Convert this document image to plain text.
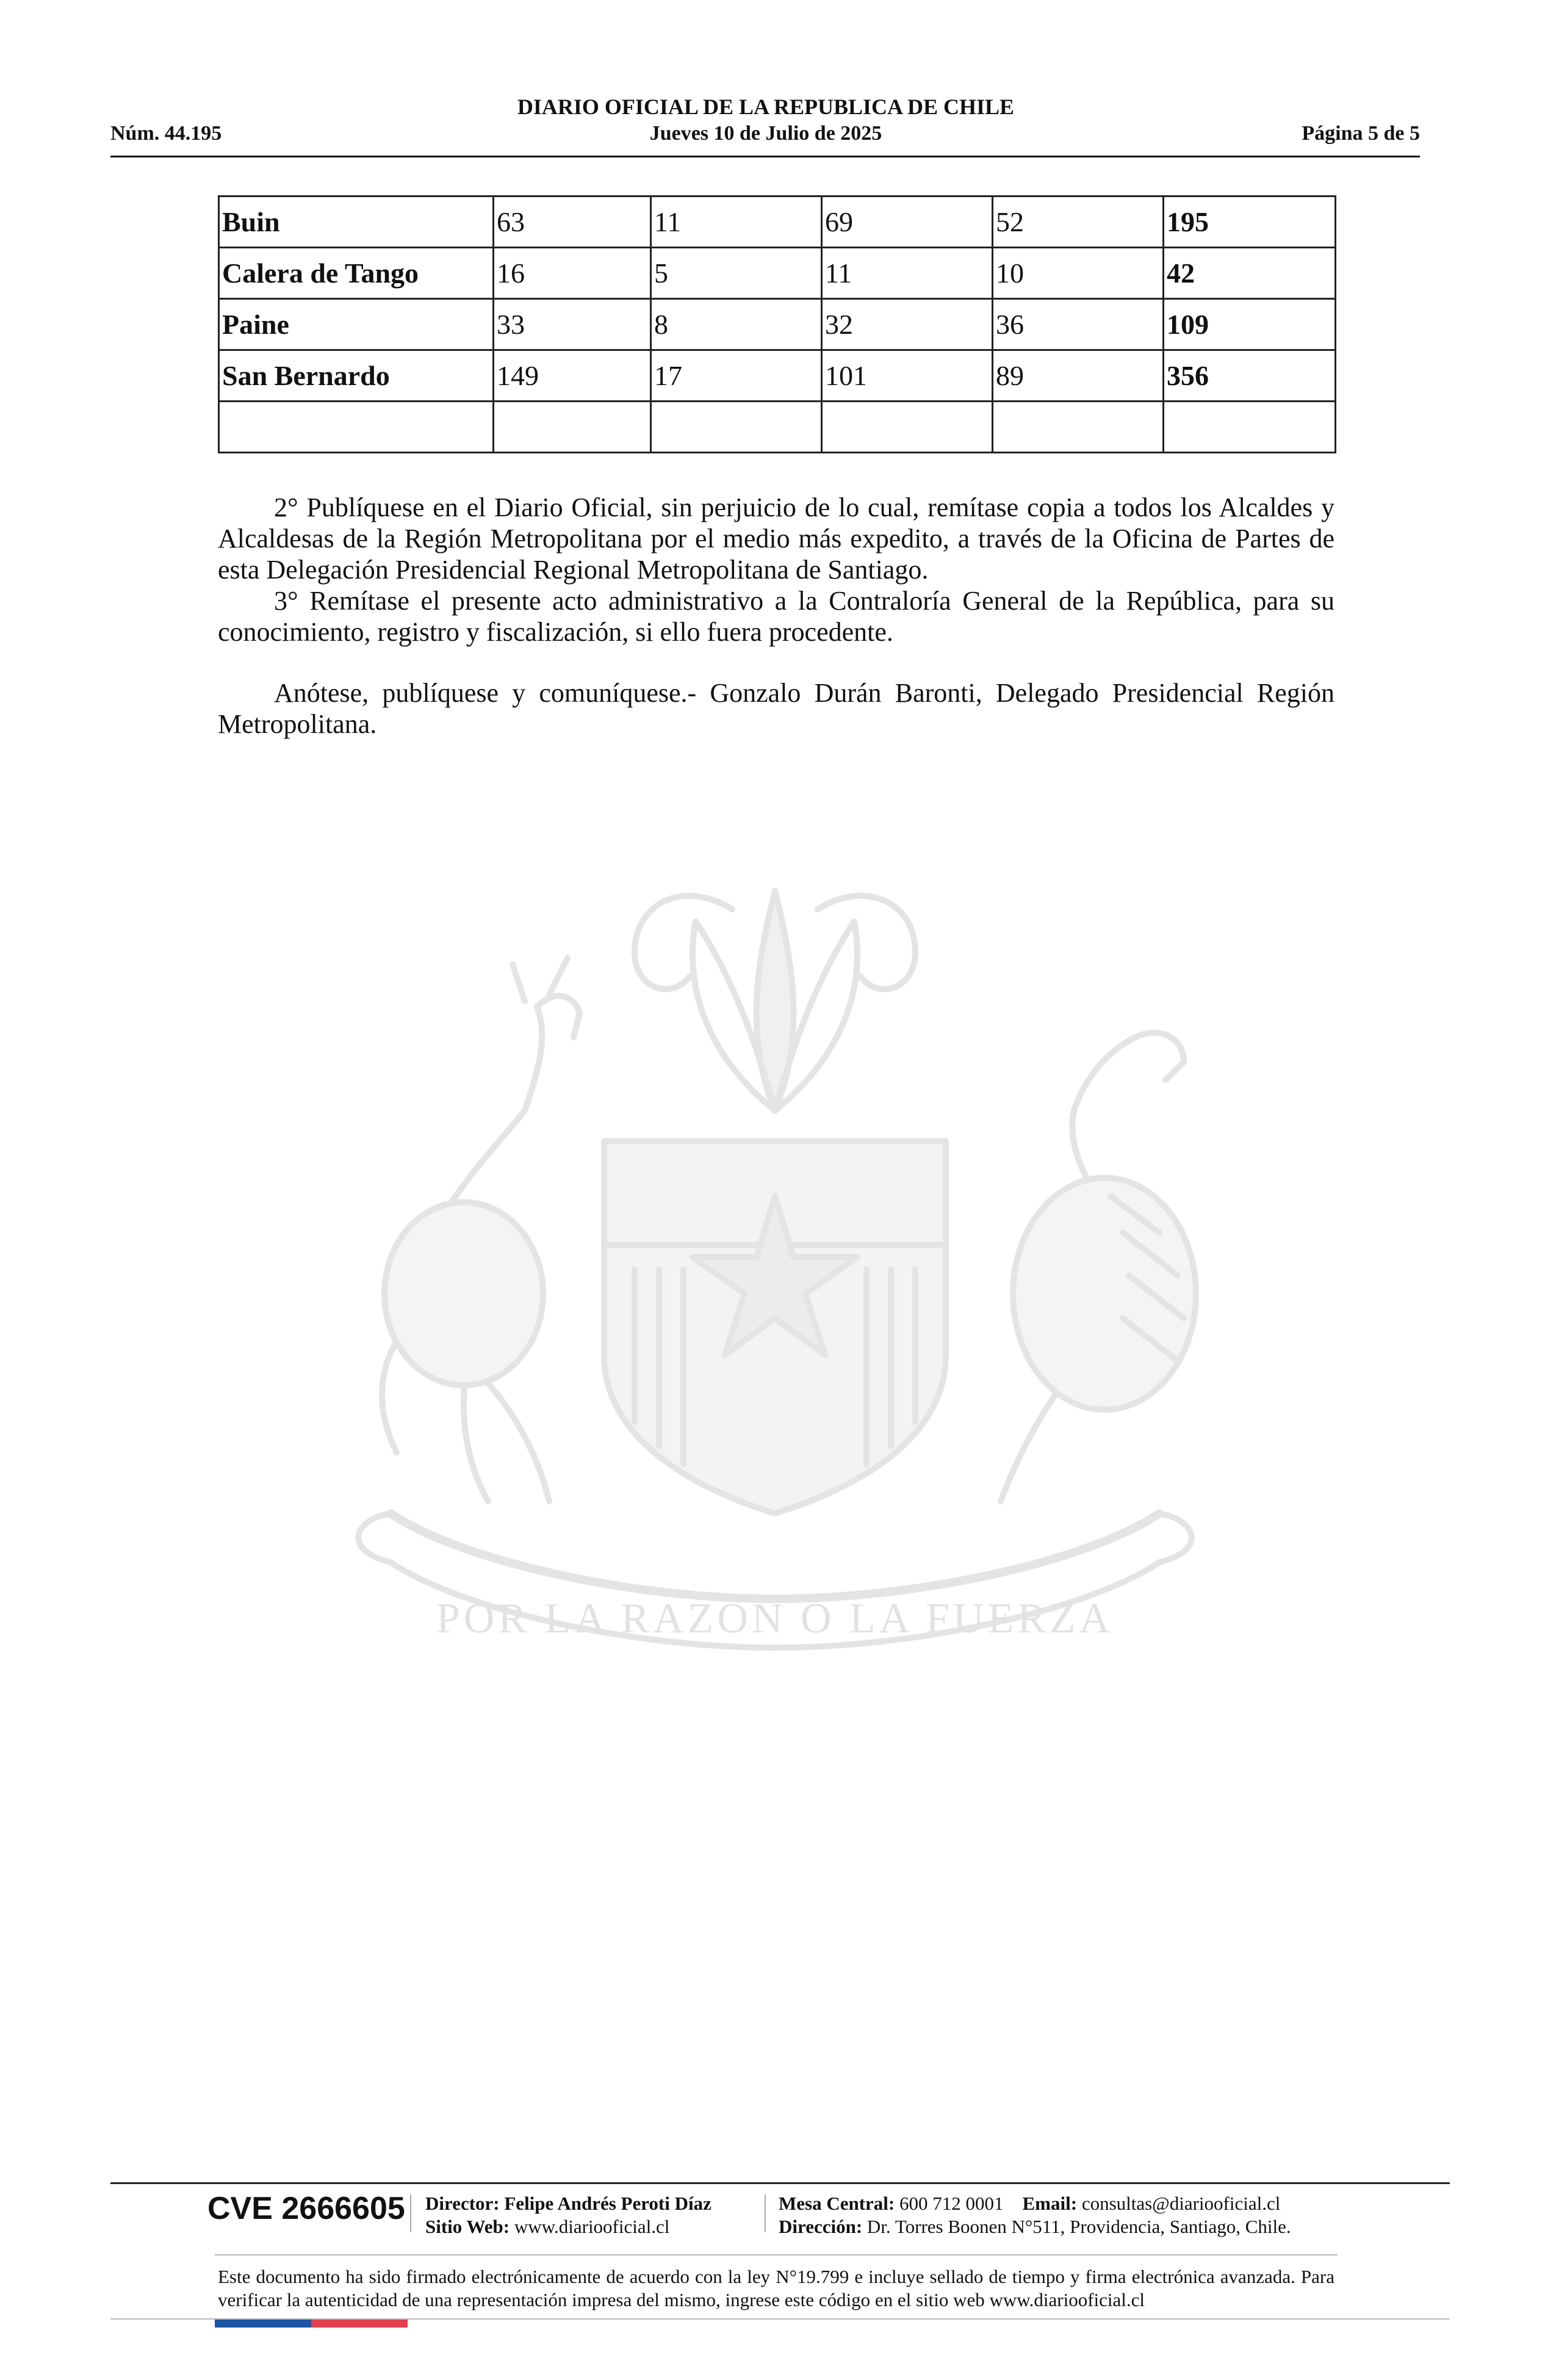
DIARIO OFICIAL DE LA REPUBLICA DE CHILE
Núm. 44.195	Jueves 10 de Julio de 2025	Página 5 de 5
Buin	63	11	69	52	195
Calera de Tango	16	5	11	10	42
Paine	33	8	32	36	109
San Bernardo	149	17	101	89	356

2° Publíquese en el Diario Oficial, sin perjuicio de lo cual, remítase copia a todos los Alcaldes y Alcaldesas de la Región Metropolitana por el medio más expedito, a través de la Oficina de Partes de esta Delegación Presidencial Regional Metropolitana de Santiago.

3° Remítase el presente acto administrativo a la Contraloría General de la República, para su conocimiento, registro y fiscalización, si ello fuera procedente.

Anótese, publíquese y comuníquese.- Gonzalo Durán Baronti, Delegado Presidencial Región Metropolitana.

POR LA RAZON O LA FUERZA
CVE 2666605 Director: Felipe Andrés Peroti Díaz
Sitio Web: www.diariooficial.cl
Mesa Central: 600 712 0001 Email: consultas@diariooficial.cl
Dirección: Dr. Torres Boonen N°511, Providencia, Santiago, Chile.
Este documento ha sido firmado electrónicamente de acuerdo con la ley N°19.799 e incluye sellado de tiempo y firma electrónica avanzada. Para verificar la autenticidad de una representación impresa del mismo, ingrese este código en el sitio web www.diariooficial.cl
